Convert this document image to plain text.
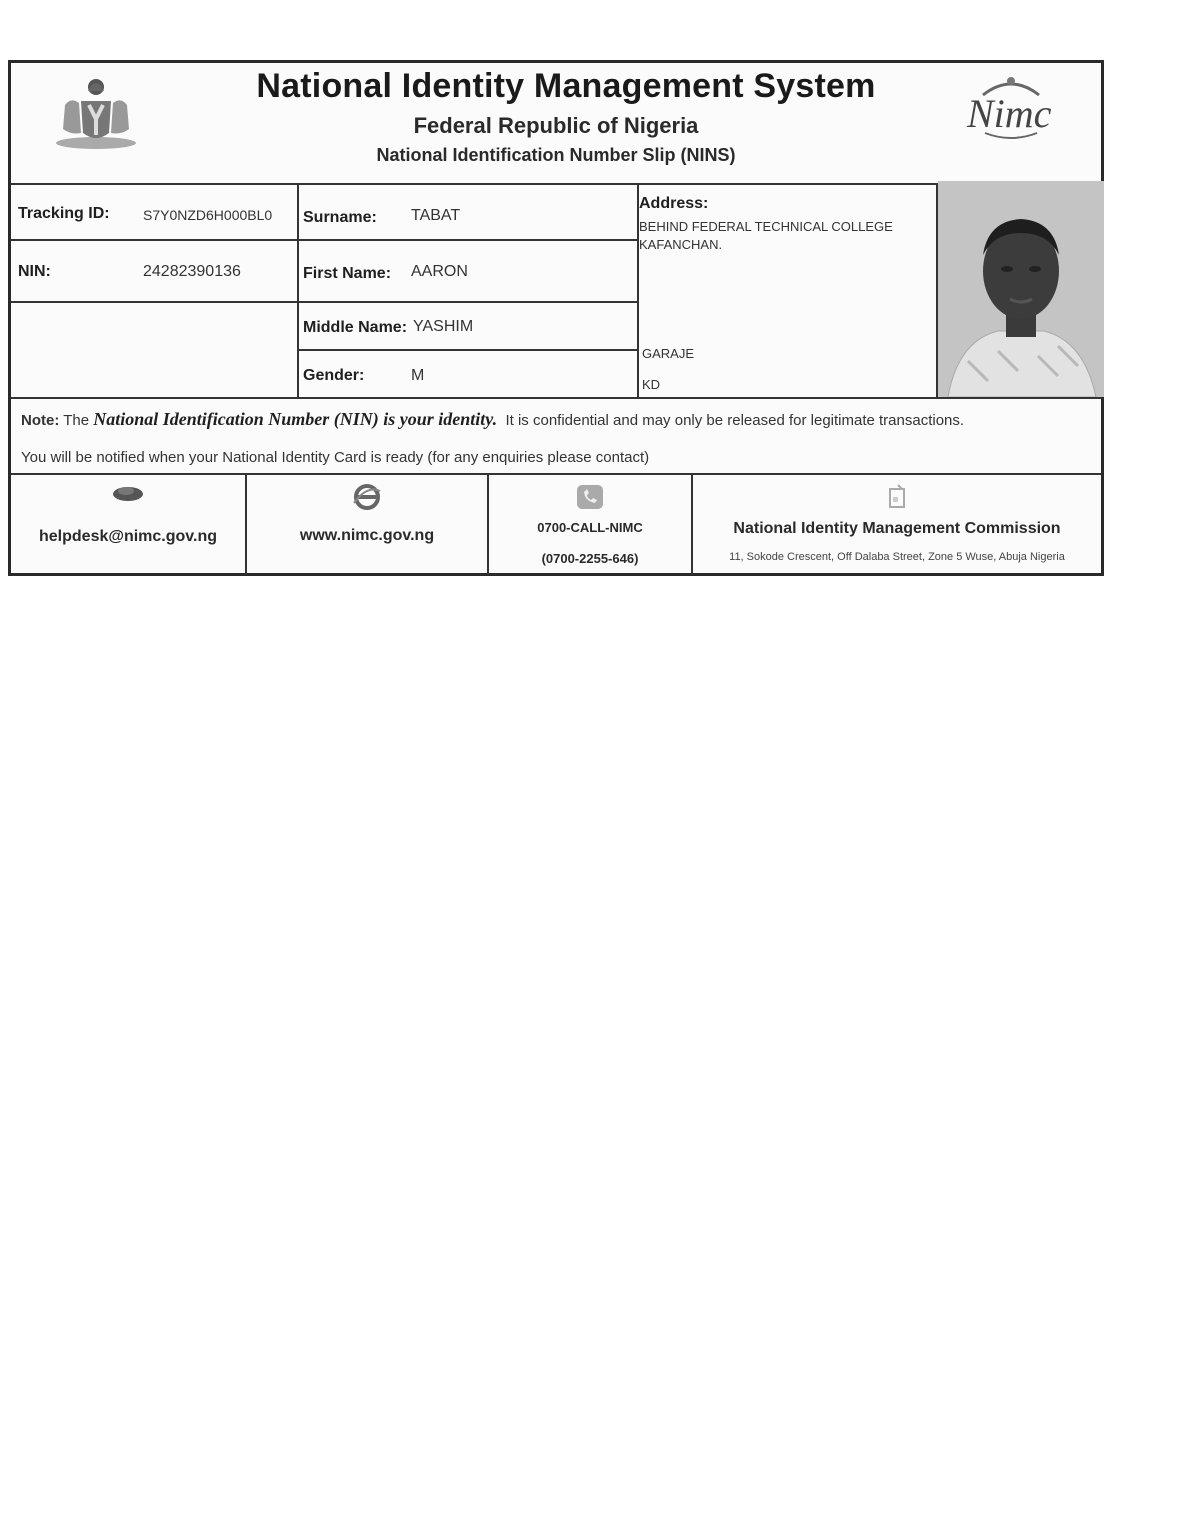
National Identity Management System
Federal Republic of Nigeria
National Identification Number Slip (NINS)
Nimc
Tracking ID: S7Y0NZD6H000BL0
NIN:	24282390136
Surname: TABAT
First Name: AARON
Middle Name: YASHIM
Gender:	M
Address:
BEHIND FEDERAL TECHNICAL COLLEGE
KAFANCHAN.
GARAJE
KD
Note: The National Identification Number (NIN) is your identity. It is confidential and may only be released for legitimate transactions.
You will be notified when your National Identity Card is ready (for any enquiries please contact)
helpdesk@nimc.gov.ng	www.nimc.gov.ng	0700-CALL-NIMC
(0700-2255-646)
National Identity Management Commission
11, Sokode Crescent, Off Dalaba Street, Zone 5 Wuse, Abuja Nigeria
